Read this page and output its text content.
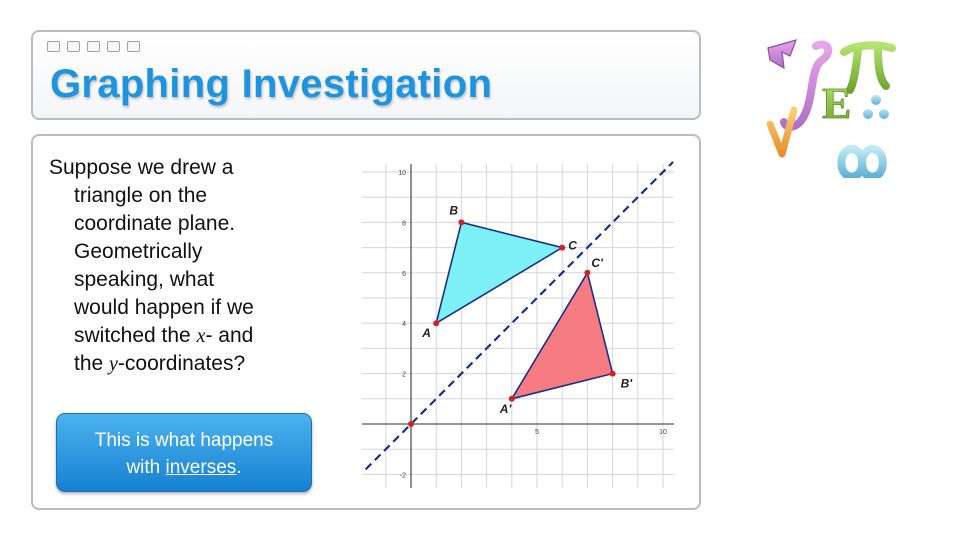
Graphing Investigation
Suppose we drew a
triangle on the
coordinate plane.
Geometrically
speaking, what
would happen if we
switched the x- and
the y-coordinates?
This is what happens
with inverses.
5	10
10
8
6
4
2
-2
A
B
C
A'
B'
C'
E
